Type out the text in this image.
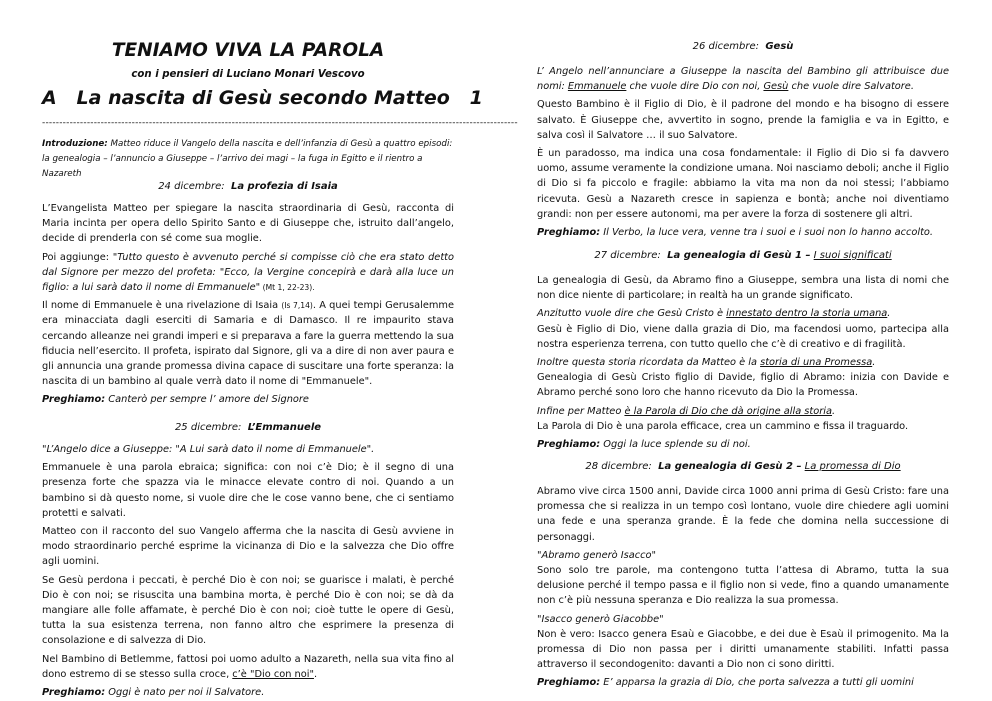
TENIAMO VIVA LA PAROLA
con i pensieri di Luciano Monari Vescovo
A   La nascita di Gesù secondo Matteo   1
------------------------------------------------------------------------------------------------------------------------------------------
Introduzione: Matteo riduce il Vangelo della nascita e dell’infanzia di Gesù a quattro episodi: la genealogia – l’annuncio a Giuseppe – l’arrivo dei magi – la fuga in Egitto e il rientro a Nazareth
24 dicembre: La profezia di Isaia

L’Evangelista Matteo per spiegare la nascita straordinaria di Gesù, racconta di Maria incinta per opera dello Spirito Santo e di Giuseppe che, istruito dall’angelo, decide di prenderla con sé come sua moglie.

Poi aggiunge: "Tutto questo è avvenuto perché si compisse ciò che era stato detto dal Signore per mezzo del profeta: "Ecco, la Vergine concepirà e darà alla luce un figlio: a lui sarà dato il nome di Emmanuele" (Mt 1, 22-23).

Il nome di Emmanuele è una rivelazione di Isaia (Is 7,14). A quei tempi Gerusalemme era minacciata dagli eserciti di Samaria e di Damasco. Il re impaurito stava cercando alleanze nei grandi imperi e si preparava a fare la guerra mettendo la sua fiducia nell’esercito. Il profeta, ispirato dal Signore, gli va a dire di non aver paura e gli annuncia una grande promessa divina capace di suscitare una forte speranza: la nascita di un bambino al quale verrà dato il nome di "Emmanuele".

Preghiamo: Canterò per sempre l’ amore del Signore

25 dicembre: L’Emmanuele

"L’Angelo dice a Giuseppe: "A Lui sarà dato il nome di Emmanuele".

Emmanuele è una parola ebraica; significa: con noi c’è Dio; è il segno di una presenza forte che spazza via le minacce elevate contro di noi. Quando a un bambino si dà questo nome, si vuole dire che le cose vanno bene, che ci sentiamo protetti e salvati.

Matteo con il racconto del suo Vangelo afferma che la nascita di Gesù avviene in modo straordinario perché esprime la vicinanza di Dio e la salvezza che Dio offre agli uomini.

Se Gesù perdona i peccati, è perché Dio è con noi; se guarisce i malati, è perché Dio è con noi; se risuscita una bambina morta, è perché Dio è con noi; se dà da mangiare alle folle affamate, è perché Dio è con noi; cioè tutte le opere di Gesù, tutta la sua esistenza terrena, non fanno altro che esprimere la presenza di consolazione e di salvezza di Dio.

Nel Bambino di Betlemme, fattosi poi uomo adulto a Nazareth, nella sua vita fino al dono estremo di se stesso sulla croce, c’è "Dio con noi".

Preghiamo: Oggi è nato per noi il Salvatore.

26 dicembre: Gesù

L’ Angelo nell’annunciare a Giuseppe la nascita del Bambino gli attribuisce due nomi: Emmanuele che vuole dire Dio con noi, Gesù che vuole dire Salvatore.

Questo Bambino è il Figlio di Dio, è il padrone del mondo e ha bisogno di essere salvato. È Giuseppe che, avvertito in sogno, prende la famiglia e va in Egitto, e salva così il Salvatore … il suo Salvatore.

È un paradosso, ma indica una cosa fondamentale: il Figlio di Dio si fa davvero uomo, assume veramente la condizione umana. Noi nasciamo deboli; anche il Figlio di Dio si fa piccolo e fragile: abbiamo la vita ma non da noi stessi; l’abbiamo ricevuta. Gesù a Nazareth cresce in sapienza e bontà; anche noi diventiamo grandi: non per essere autonomi, ma per avere la forza di sostenere gli altri.

Preghiamo: Il Verbo, la luce vera, venne tra i suoi e i suoi non lo hanno accolto.

27 dicembre: La genealogia di Gesù 1 – I suoi significati

La genealogia di Gesù, da Abramo fino a Giuseppe, sembra una lista di nomi che non dice niente di particolare; in realtà ha un grande significato.

Anzitutto vuole dire che Gesù Cristo è innestato dentro la storia umana.

Gesù è Figlio di Dio, viene dalla grazia di Dio, ma facendosi uomo, partecipa alla nostra esperienza terrena, con tutto quello che c’è di creativo e di fragilità.

Inoltre questa storia ricordata da Matteo è la storia di una Promessa.

Genealogia di Gesù Cristo figlio di Davide, figlio di Abramo: inizia con Davide e Abramo perché sono loro che hanno ricevuto da Dio la Promessa.

Infine per Matteo è la Parola di Dio che dà origine alla storia.

La Parola di Dio è una parola efficace, crea un cammino e fissa il traguardo.

Preghiamo: Oggi la luce splende su di noi.

28 dicembre: La genealogia di Gesù 2 – La promessa di Dio

Abramo vive circa 1500 anni, Davide circa 1000 anni prima di Gesù Cristo: fare una promessa che si realizza in un tempo così lontano, vuole dire chiedere agli uomini una fede e una speranza grande. È la fede che domina nella successione di personaggi.

"Abramo generò Isacco"

Sono solo tre parole, ma contengono tutta l’attesa di Abramo, tutta la sua delusione perché il tempo passa e il figlio non si vede, fino a quando umanamente non c’è più nessuna speranza e Dio realizza la sua promessa.

"Isacco generò Giacobbe"

Non è vero: Isacco genera Esaù e Giacobbe, e dei due è Esaù il primogenito. Ma la promessa di Dio non passa per i diritti umanamente stabiliti. Infatti passa attraverso il secondogenito: davanti a Dio non ci sono diritti.

Preghiamo: E’ apparsa la grazia di Dio, che porta salvezza a tutti gli uomini
